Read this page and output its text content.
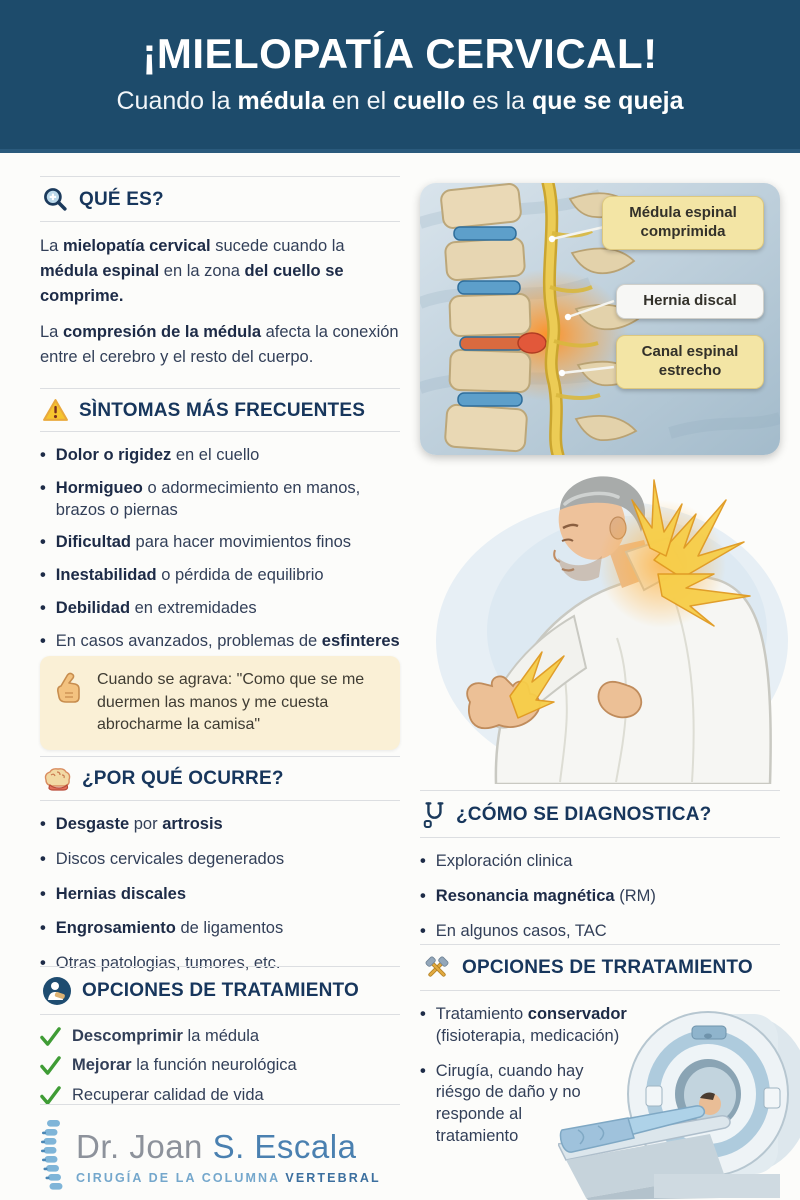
¡MIELOPATÍA CERVICAL!

Cuando la médula en el cuello es la que se queja

QUÉ ES?

La mielopatía cervical sucede cuando la médula espinal en la zona del cuello se comprime.

La compresión de la médula afecta la conexión entre el cerebro y el resto del cuerpo.

SÌNTOMAS MÁS FRECUENTES
• Dolor o rigidez en el cuello
• Hormigueo o adormecimiento en manos, brazos o piernas
• Dificultad para hacer movimientos finos
• Inestabilidad o pérdida de equilibrio
• Debilidad en extremidades
• En casos avanzados, problemas de esfinteres
Cuando se agrava: "Como que se me duermen las manos y me cuesta abrocharme la camisa"
¿POR QUÉ OCURRE?
• Desgaste por artrosis
• Discos cervicales degenerados
• Hernias discales
• Engrosamiento de ligamentos
• Otras patologias, tumores, etc.
OPCIONES DE TRATAMIENTO
Descomprimir la médula
Mejorar la función neurológica
Recuperar calidad de vida
Dr. Joan S. Escala
CIRUGÍA DE LA COLUMNA VERTEBRAL
Médula espinal comprimida
Hernia discal
Canal espinal estrecho
¿CÓMO SE DIAGNOSTICA?
• Exploración clinica
• Resonancia magnética (RM)
• En algunos casos, TAC
OPCIONES DE TRRATAMIENTO
• Tratamiento conservador (fisioterapia, medicación)
• Cirugía, cuando hay riésgo de daño y no responde al tratamiento
